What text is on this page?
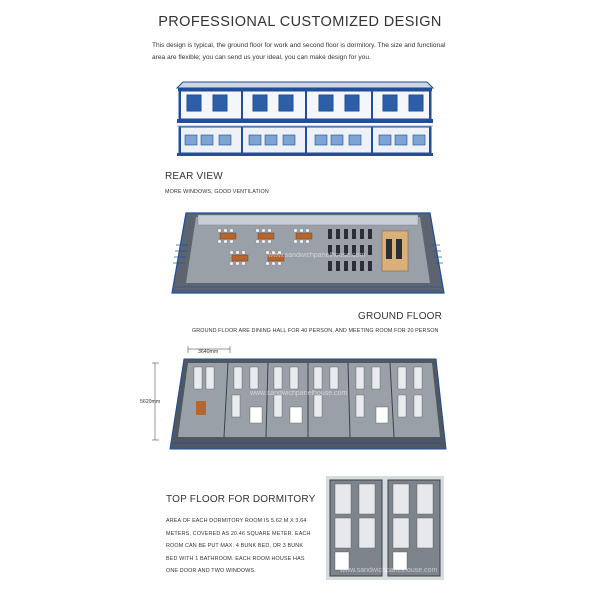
PROFESSIONAL CUSTOMIZED DESIGN
This design is typical, the ground floor for work and second floor is dormitory. The size and functional area are flexible; you can send us your ideal, you can make design for you.
REAR VIEW
MORE WINDOWS, GOOD VENTILATION
www.sandwichpanelhouse.com
GROUND FLOOR
GROUND FLOOR ARE DINING HALL FOR 40 PERSON, AND MEETING ROOM FOR 20 PERSON
3640mm
5620mm
www.sandwichpanelhouse.com
TOP FLOOR FOR DORMITORY
AREA OF EACH DORMITORY ROOM IS 5.62 M X 3.64 METERS, COVERED AS 20.46 SQUARE METER. EACH ROOM CAN BE PUT MAX. 4 BUNK BED, OR 3 BUNK BED WITH 1 BATHROOM. EACH ROOM HOUSE HAS ONE DOOR AND TWO WINDOWS.	www.sandwichpanelhouse.com
